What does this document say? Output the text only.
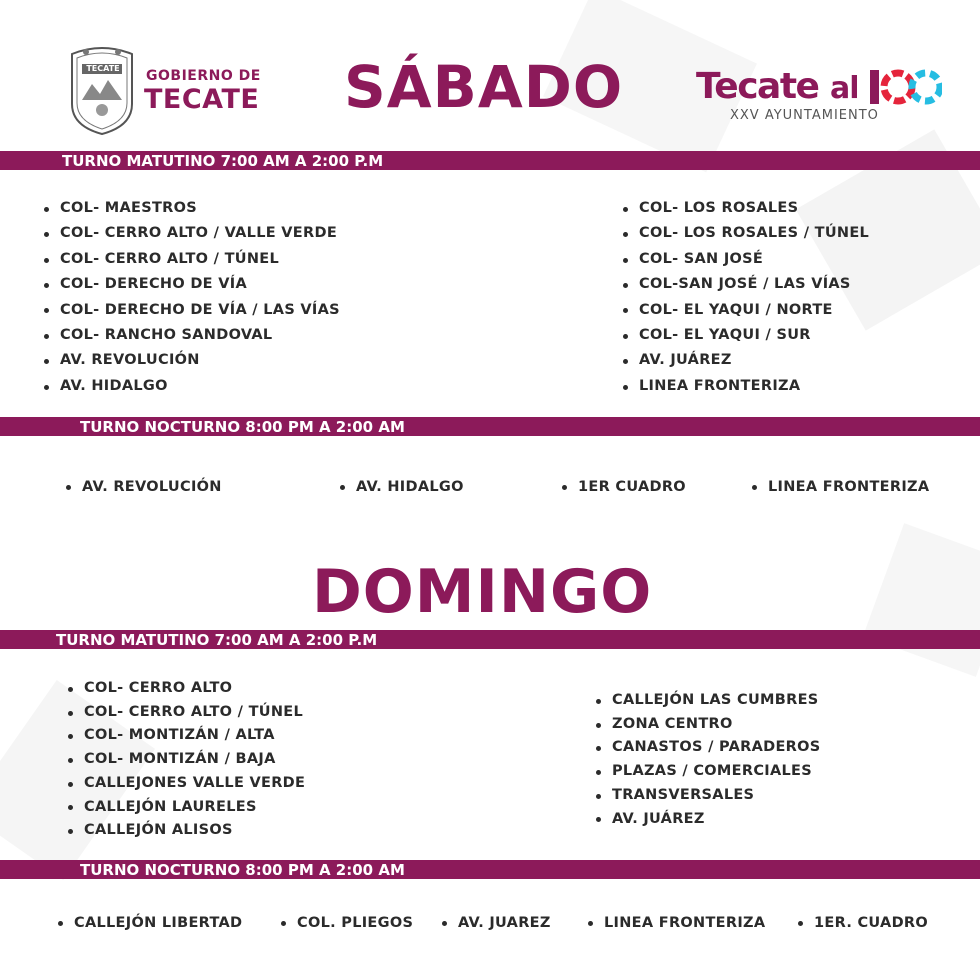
TECATE GOBIERNO DE
TECATE SÁBADO Tecate al
XXV AYUNTAMIENTO
TURNO MATUTINO 7:00 AM A 2:00 P.M
COL- MAESTROS
COL- CERRO ALTO / VALLE VERDE
COL- CERRO ALTO / TÚNEL
COL- DERECHO DE VÍA
COL- DERECHO DE VÍA / LAS VÍAS
COL- RANCHO SANDOVAL
AV. REVOLUCIÓN
AV. HIDALGO
COL- LOS ROSALES
COL- LOS ROSALES / TÚNEL
COL- SAN JOSÉ
COL-SAN JOSÉ / LAS VÍAS
COL- EL YAQUI / NORTE
COL- EL YAQUI / SUR
AV. JUÁREZ
LINEA FRONTERIZA
TURNO NOCTURNO 8:00 PM A 2:00 AM
AV. REVOLUCIÓN	AV. HIDALGO	1ER CUADRO	LINEA FRONTERIZA
DOMINGO
TURNO MATUTINO 7:00 AM A 2:00 P.M
COL- CERRO ALTO
COL- CERRO ALTO / TÚNEL
COL- MONTIZÁN / ALTA
COL- MONTIZÁN / BAJA
CALLEJONES VALLE VERDE
CALLEJÓN LAURELES
CALLEJÓN ALISOS
CALLEJÓN LAS CUMBRES
ZONA CENTRO
CANASTOS / PARADEROS
PLAZAS / COMERCIALES
TRANSVERSALES
AV. JUÁREZ
TURNO NOCTURNO 8:00 PM A 2:00 AM
CALLEJÓN LIBERTAD	COL. PLIEGOS	AV. JUAREZ	LINEA FRONTERIZA	1ER. CUADRO
